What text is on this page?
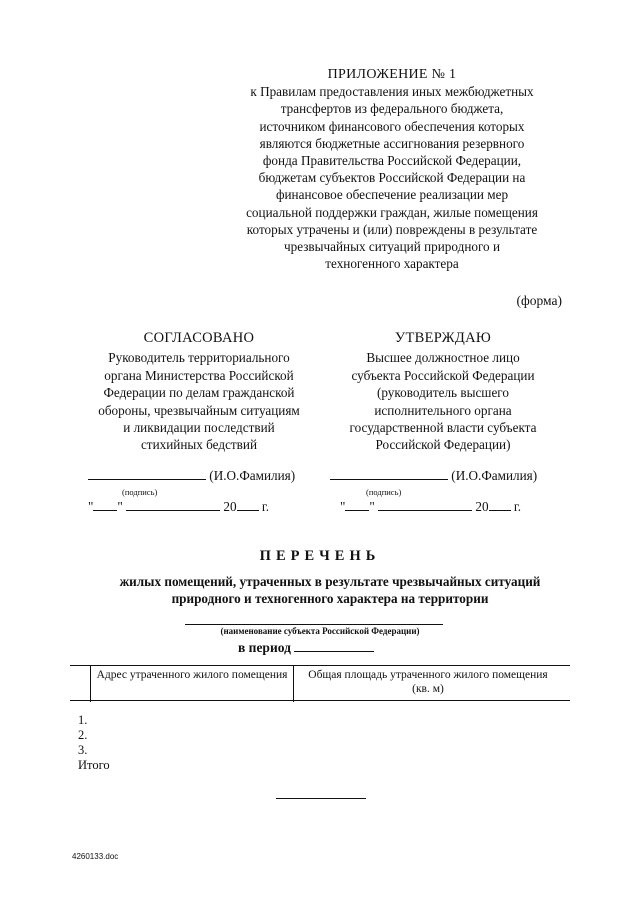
ПРИЛОЖЕНИЕ № 1
к Правилам предоставления иных межбюджетных
трансфертов из федерального бюджета,
источником финансового обеспечения которых
являются бюджетные ассигнования резервного
фонда Правительства Российской Федерации,
бюджетам субъектов Российской Федерации на
финансовое обеспечение реализации мер
социальной поддержки граждан, жилые помещения
которых утрачены и (или) повреждены в результате
чрезвычайных ситуаций природного и
техногенного характера
(форма)
СОГЛАСОВАНО
Руководитель территориального
органа Министерства Российской
Федерации по делам гражданской
обороны, чрезвычайным ситуациям
и ликвидации последствий
стихийных бедствий
УТВЕРЖДАЮ
Высшее должностное лицо
субъекта Российской Федерации
(руководитель высшего
исполнительного органа
государственной власти субъекта
Российской Федерации)
(И.О.Фамилия)	(И.О.Фамилия)
(подпись)	(подпись)
" "	20 г.	" "	20 г.
ПЕРЕЧЕНЬ
жилых помещений, утраченных в результате чрезвычайных ситуаций
природного и техногенного характера на территории
(наименование субъекта Российской Федерации)
в период
Адрес утраченного жилого помещения	Общая площадь утраченного жилого помещения (кв. м)
1.
2.
3.
Итого
4260133.doc
